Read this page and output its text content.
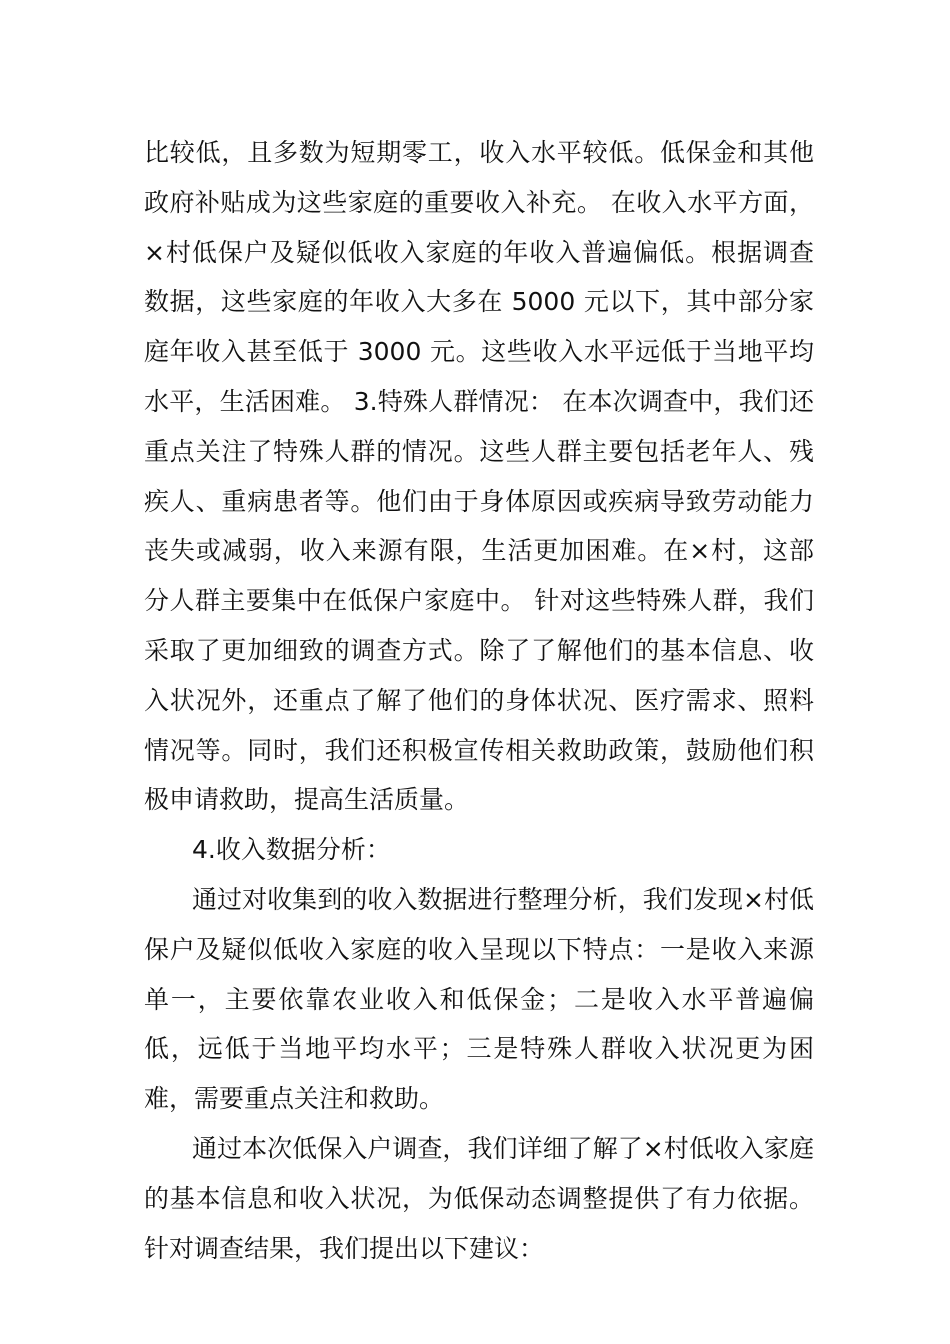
比较低，且多数为短期零工，收入水平较低。低保金和其他政府补贴成为这些家庭的重要收入补充。 在收入水平方面，×村低保户及疑似低收入家庭的年收入普遍偏低。根据调查数据，这些家庭的年收入大多在 5000 元以下，其中部分家庭年收入甚至低于 3000 元。这些收入水平远低于当地平均水平，生活困难。 3.特殊人群情况： 在本次调查中，我们还重点关注了特殊人群的情况。这些人群主要包括老年人、残疾人、重病患者等。他们由于身体原因或疾病导致劳动能力丧失或减弱，收入来源有限，生活更加困难。在×村，这部分人群主要集中在低保户家庭中。 针对这些特殊人群，我们采取了更加细致的调查方式。除了了解他们的基本信息、收入状况外，还重点了解了他们的身体状况、医疗需求、照料情况等。同时，我们还积极宣传相关救助政策，鼓励他们积极申请救助，提高生活质量。

4.收入数据分析：

通过对收集到的收入数据进行整理分析，我们发现×村低保户及疑似低收入家庭的收入呈现以下特点：一是收入来源单一，主要依靠农业收入和低保金；二是收入水平普遍偏低，远低于当地平均水平；三是特殊人群收入状况更为困难，需要重点关注和救助。

通过本次低保入户调查，我们详细了解了×村低收入家庭的基本信息和收入状况，为低保动态调整提供了有力依据。针对调查结果，我们提出以下建议：
